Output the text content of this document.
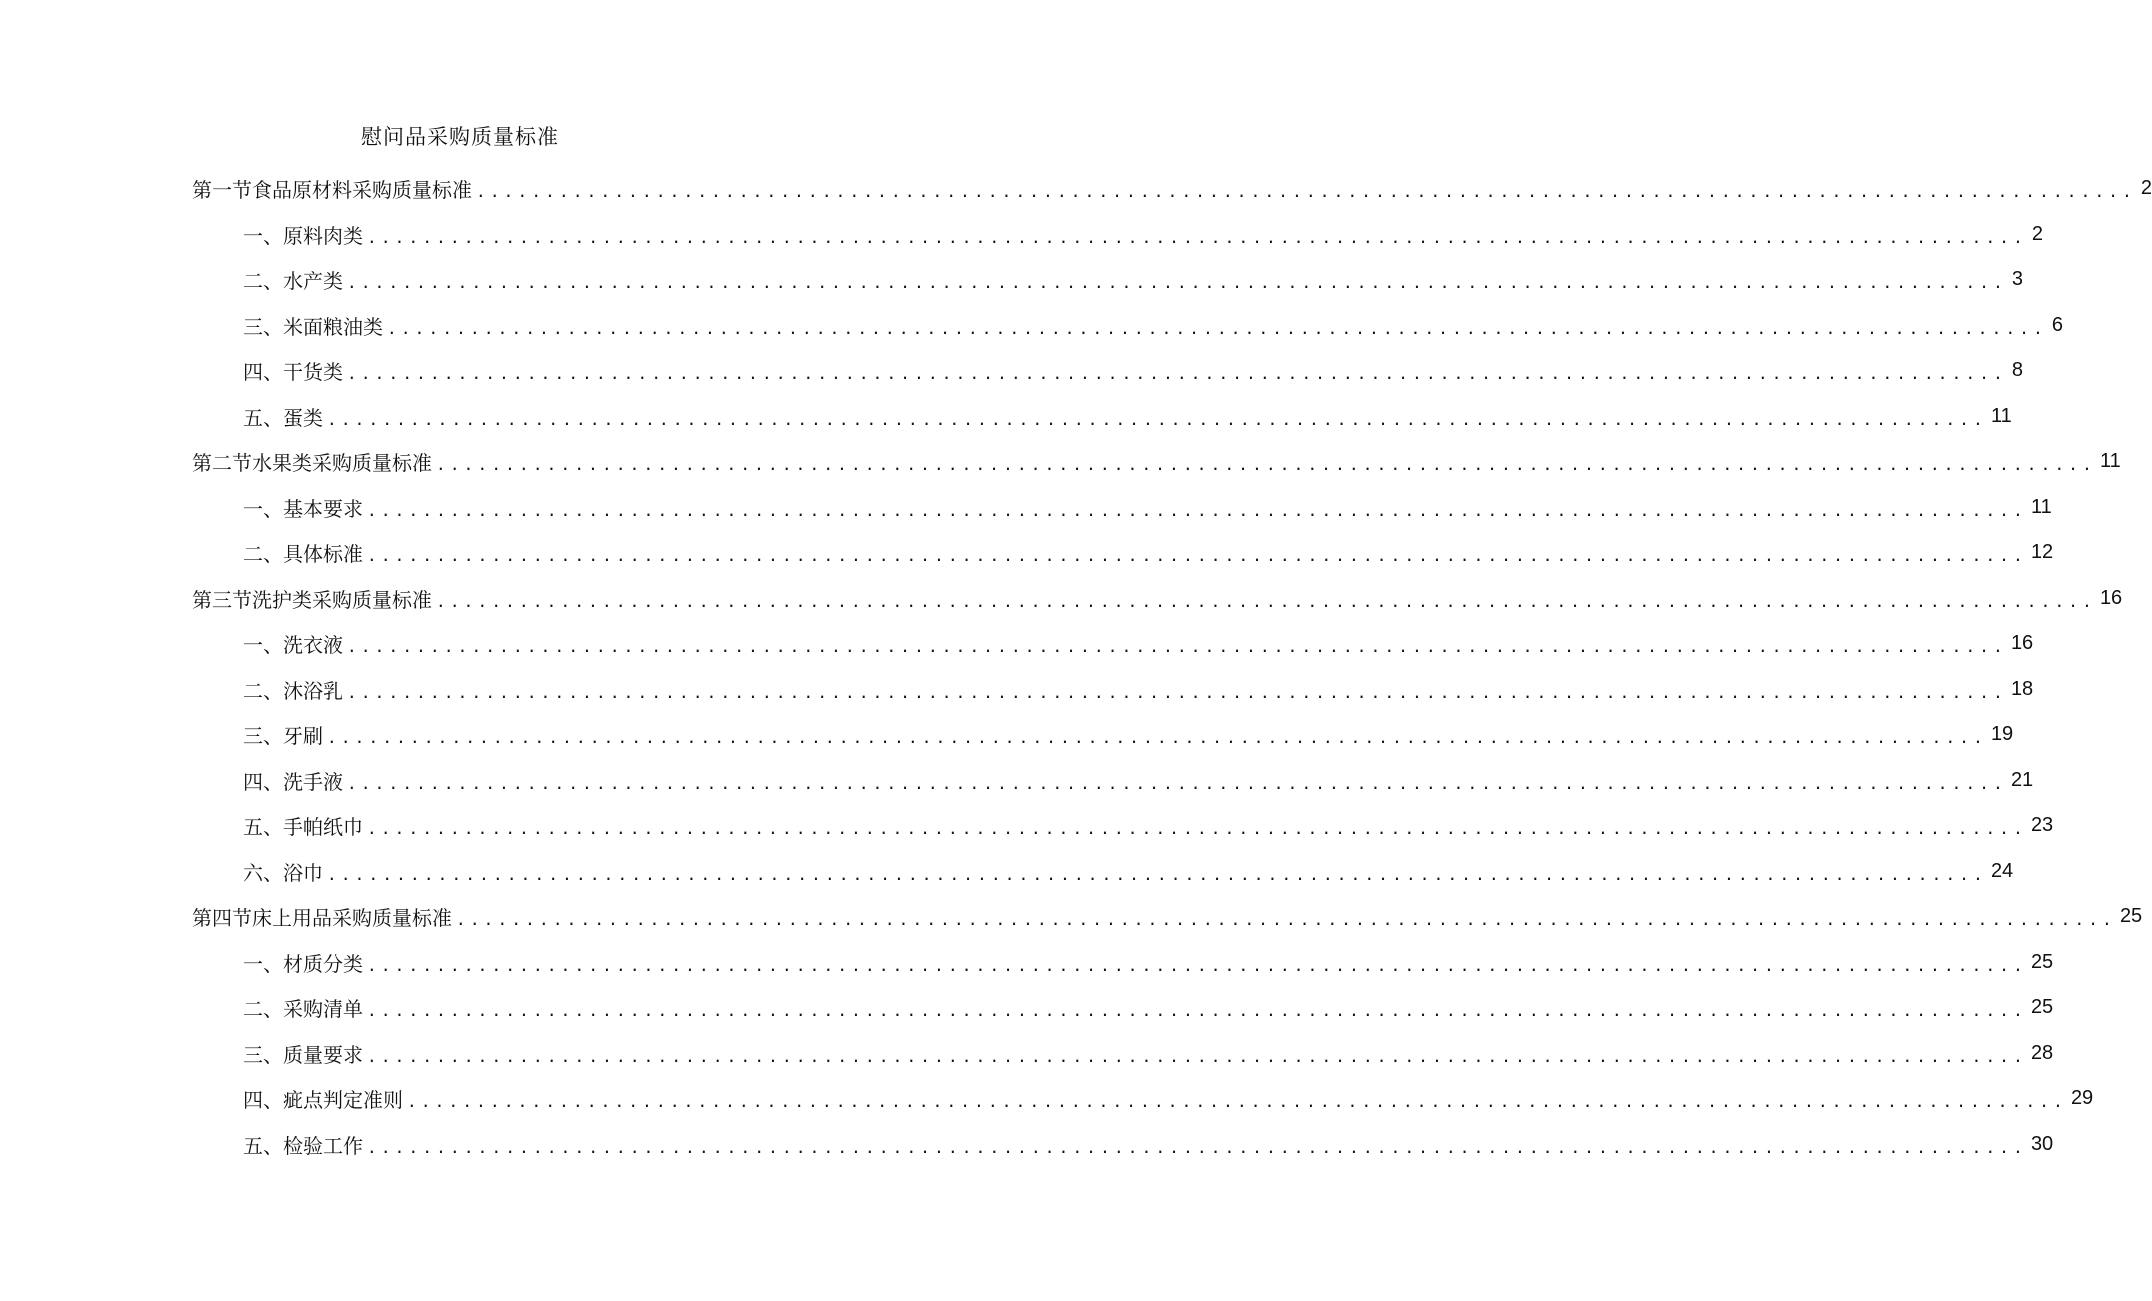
慰问品采购质量标准
第一节食品原材料采购质量标准 ........................................................................................................................ 2
一、原料肉类 ........................................................................................................................ 2
二、水产类 ........................................................................................................................ 3
三、米面粮油类 ........................................................................................................................ 6
四、干货类 ........................................................................................................................ 8
五、蛋类 ........................................................................................................................ 11
第二节水果类采购质量标准 ........................................................................................................................ 11
一、基本要求 ........................................................................................................................ 11
二、具体标准 ........................................................................................................................ 12
第三节洗护类采购质量标准 ........................................................................................................................ 16
一、洗衣液 ........................................................................................................................ 16
二、沐浴乳 ........................................................................................................................ 18
三、牙刷 ........................................................................................................................ 19
四、洗手液 ........................................................................................................................ 21
五、手帕纸巾 ........................................................................................................................ 23
六、浴巾 ........................................................................................................................ 24
第四节床上用品采购质量标准 ........................................................................................................................ 25
一、材质分类 ........................................................................................................................ 25
二、采购清单 ........................................................................................................................ 25
三、质量要求 ........................................................................................................................ 28
四、疵点判定准则 ........................................................................................................................ 29
五、检验工作 ........................................................................................................................ 30
